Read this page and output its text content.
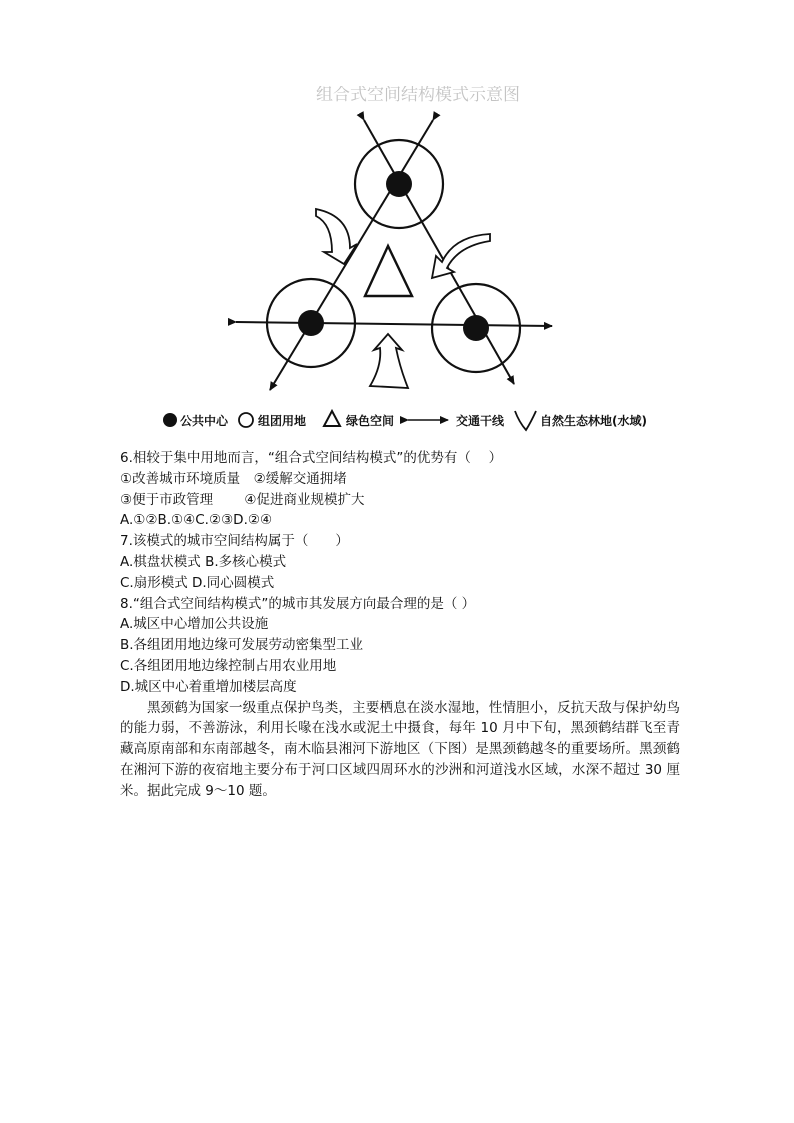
组合式空间结构模式示意图
公共中心 组团用地	绿色空间	交通干线	自然生态林地(水域)
6.相较于集中用地而言，“组合式空间结构模式”的优势有（　 ）
①改善城市环境质量　②缓解交通拥堵
③便于市政管理　　 ④促进商业规模扩大
A.①②B.①④C.②③D.②④
7.该模式的城市空间结构属于（　　）
A.棋盘状模式 B.多核心模式
C.扇形模式 D.同心圆模式
8.“组合式空间结构模式”的城市其发展方向最合理的是（ ）
A.城区中心增加公共设施
B.各组团用地边缘可发展劳动密集型工业
C.各组团用地边缘控制占用农业用地
D.城区中心着重增加楼层高度

黑颈鹤为国家一级重点保护鸟类，主要栖息在淡水湿地，性情胆小，反抗天敌与保护幼鸟的能力弱，不善游泳，利用长喙在浅水或泥土中摄食，每年 10 月中下旬，黑颈鹤结群飞至青藏高原南部和东南部越冬，南木临县湘河下游地区（下图）是黑颈鹤越冬的重要场所。黑颈鹤在湘河下游的夜宿地主要分布于河口区域四周环水的沙洲和河道浅水区域，水深不超过 30 厘米。据此完成 9～10 题。
